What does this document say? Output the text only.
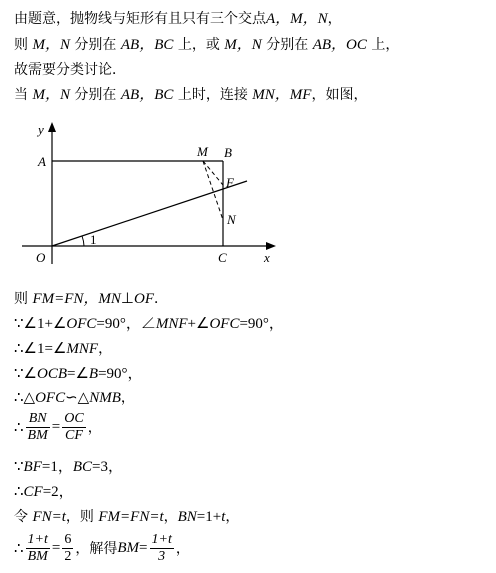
由题意，抛物线与矩形有且只有三个交点A，M，N，
则 M，N 分别在 AB，BC 上，或 M，N 分别在 AB，OC 上，
故需要分类讨论．
当 M，N 分别在 AB，BC 上时，连接 MN，MF，如图，
y
x
O
A
M B
F
N
C
1
则 FM=FN，MN⊥OF．
∵∠1+∠OFC=90°，∠MNF+∠OFC=90°，
∴∠1=∠MNF，
∵∠OCB=∠B=90°，
∴△OFC∽△NMB，
∴ $\frac{BN}{BM} = \frac{OC}{CF}$ ，
∵BF=1，BC=3，
∴CF=2，
令 FN=t，则 FM=FN=t，BN=1+t，
∴ $\frac{1+t}{BM} = \frac{6}{2}$ ，解得 BM = $\frac{1+t}{3}$ ，
